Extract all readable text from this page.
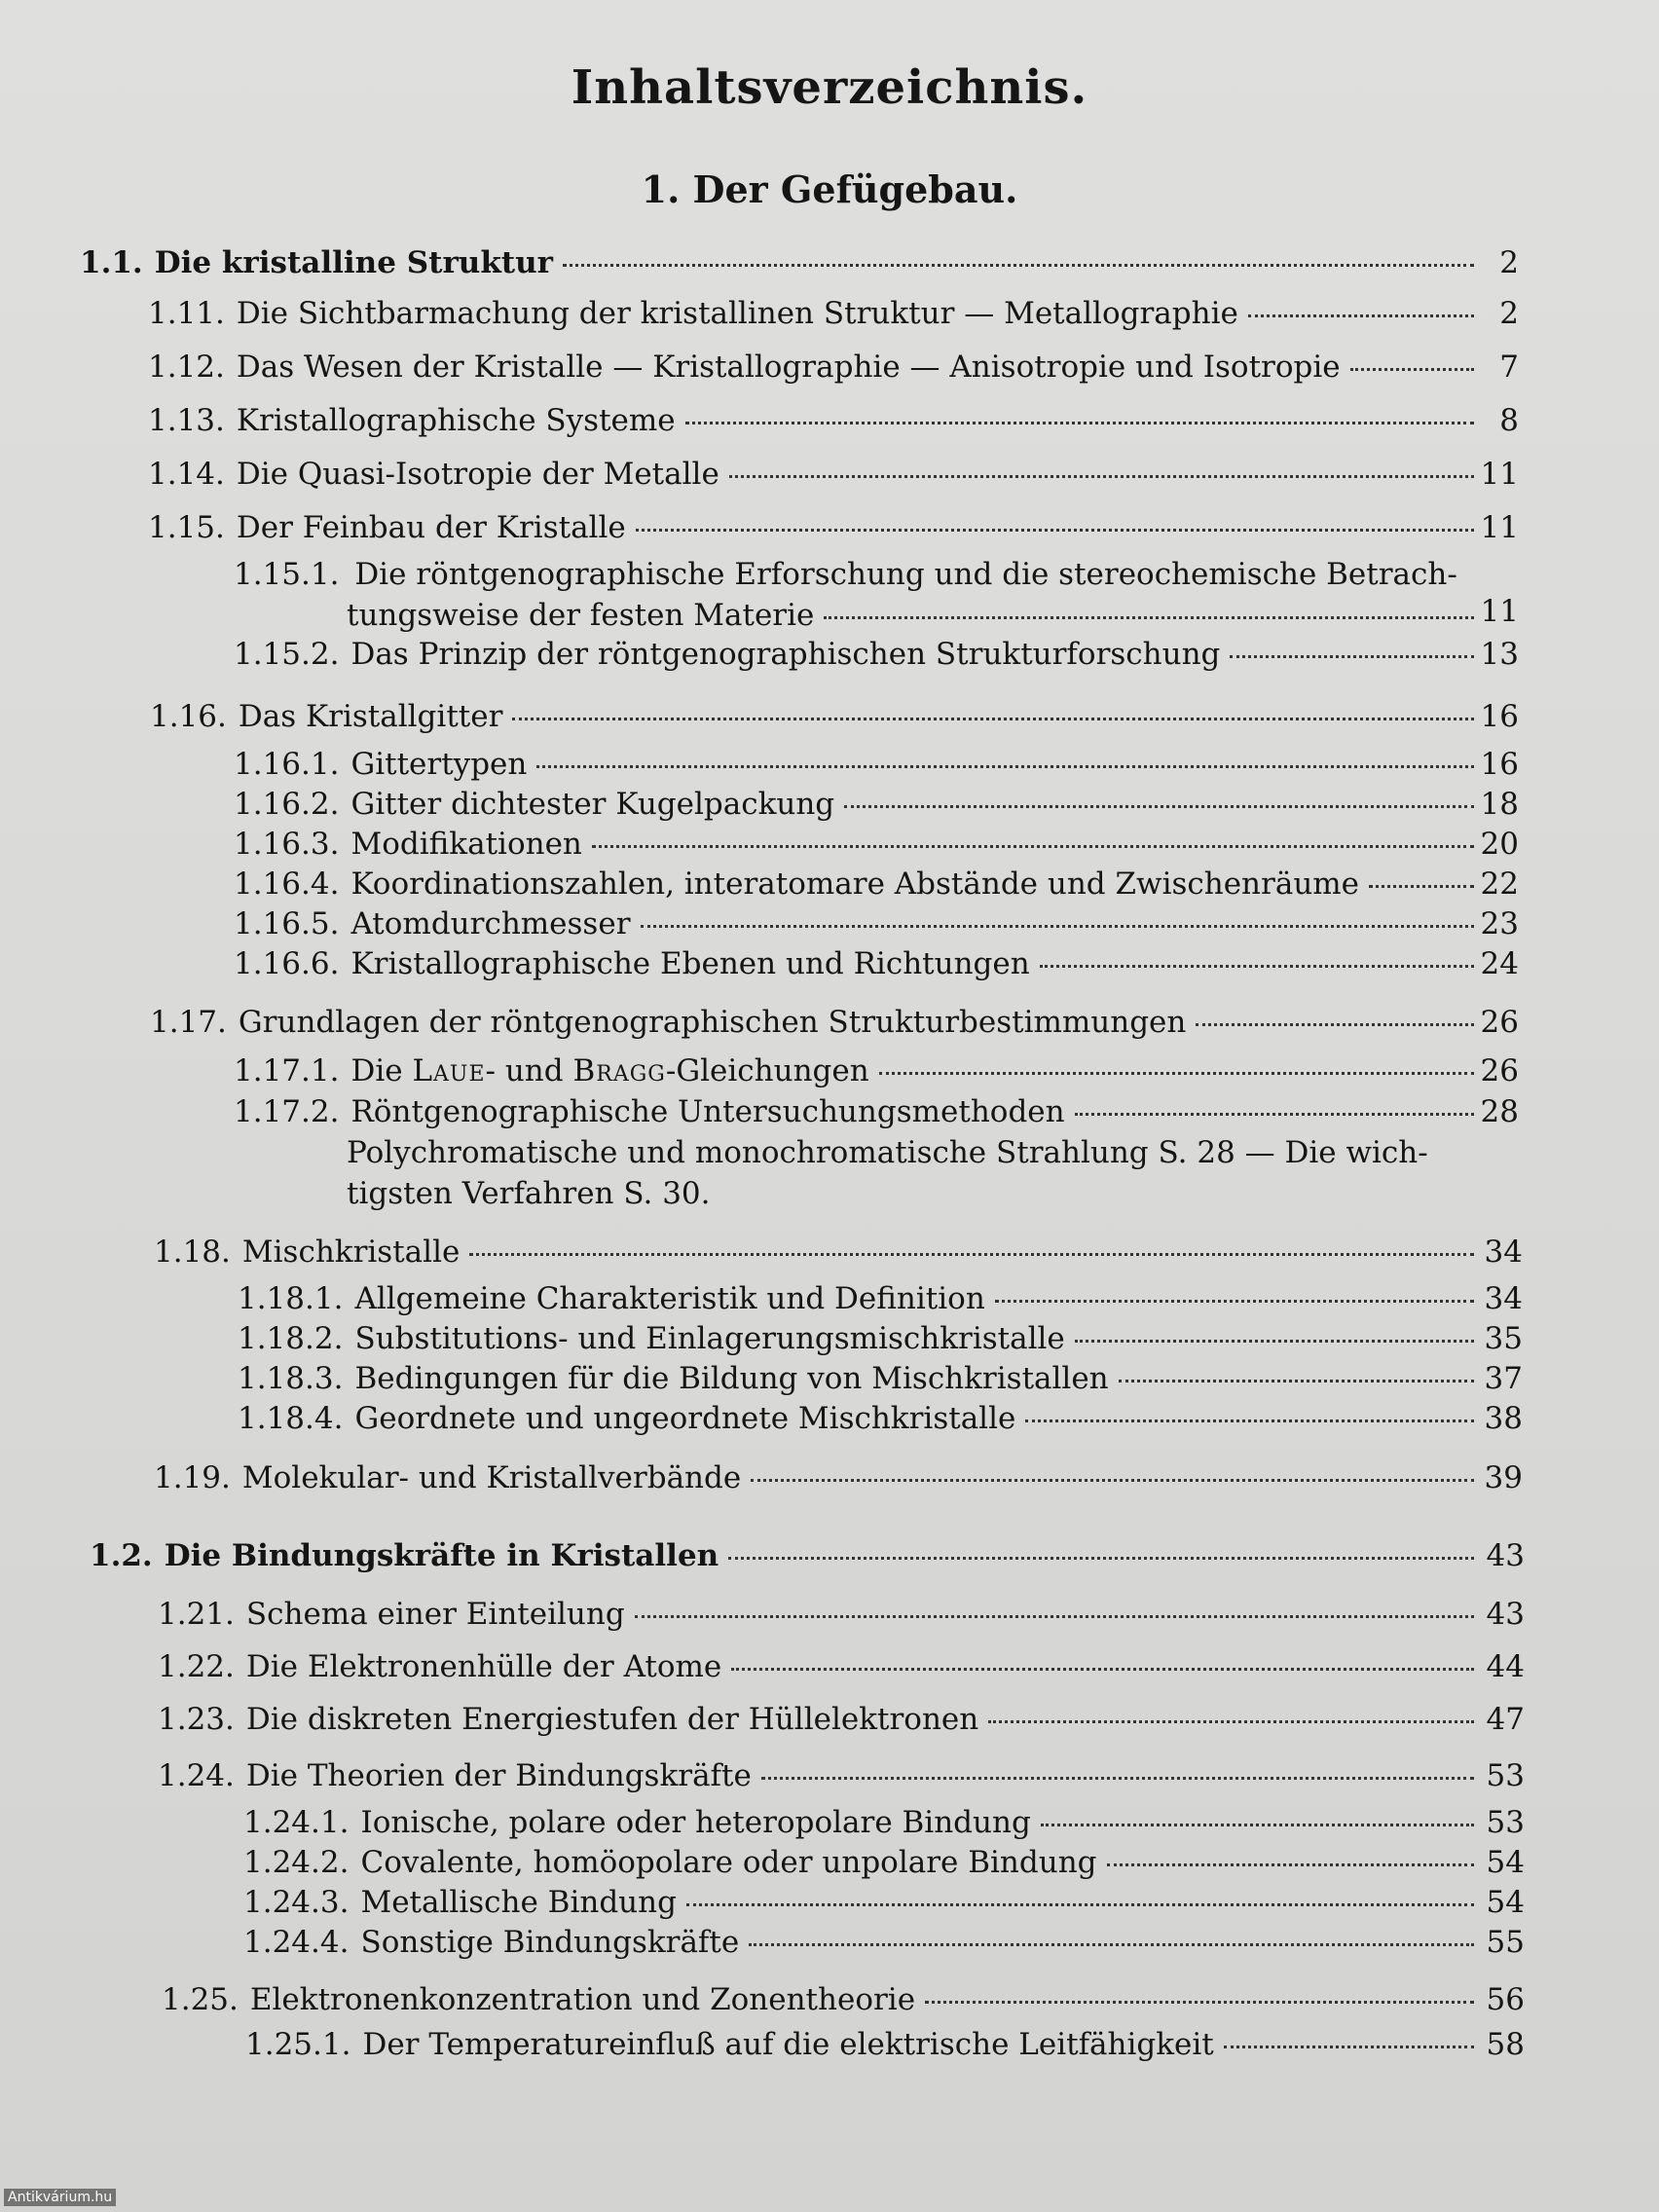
Inhaltsverzeichnis.
1. Der Gefügebau.
1.1. Die kristalline Struktur	2
1.11. Die Sichtbarmachung der kristallinen Struktur — Metallographie	2
1.12. Das Wesen der Kristalle — Kristallographie — Anisotropie und Isotropie	7
1.13. Kristallographische Systeme	8
1.14. Die Quasi-Isotropie der Metalle	11
1.15. Der Feinbau der Kristalle	11
1.15.1. Die röntgenographische Erforschung und die stereochemische Betrach-
tungsweise der festen Materie	11
1.15.2. Das Prinzip der röntgenographischen Strukturforschung	13
1.16. Das Kristallgitter	16
1.16.1. Gittertypen	16
1.16.2. Gitter dichtester Kugelpackung	18
1.16.3. Modifikationen	20
1.16.4. Koordinationszahlen, interatomare Abstände und Zwischenräume	22
1.16.5. Atomdurchmesser	23
1.16.6. Kristallographische Ebenen und Richtungen	24
1.17. Grundlagen der röntgenographischen Strukturbestimmungen	26
1.17.1. Die Laue- und Bragg-Gleichungen	26
1.17.2. Röntgenographische Untersuchungsmethoden	28
Polychromatische und monochromatische Strahlung S. 28 — Die wich-
tigsten Verfahren S. 30.
1.18. Mischkristalle	34
1.18.1. Allgemeine Charakteristik und Definition	34
1.18.2. Substitutions- und Einlagerungsmischkristalle	35
1.18.3. Bedingungen für die Bildung von Mischkristallen	37
1.18.4. Geordnete und ungeordnete Mischkristalle	38
1.19. Molekular- und Kristallverbände	39
1.2. Die Bindungskräfte in Kristallen	43
1.21. Schema einer Einteilung	43
1.22. Die Elektronenhülle der Atome	44
1.23. Die diskreten Energiestufen der Hüllelektronen	47
1.24. Die Theorien der Bindungskräfte	53
1.24.1. Ionische, polare oder heteropolare Bindung	53
1.24.2. Covalente, homöopolare oder unpolare Bindung	54
1.24.3. Metallische Bindung	54
1.24.4. Sonstige Bindungskräfte	55
1.25. Elektronenkonzentration und Zonentheorie	56
1.25.1. Der Temperatureinfluß auf die elektrische Leitfähigkeit	58
Antikvárium.hu
